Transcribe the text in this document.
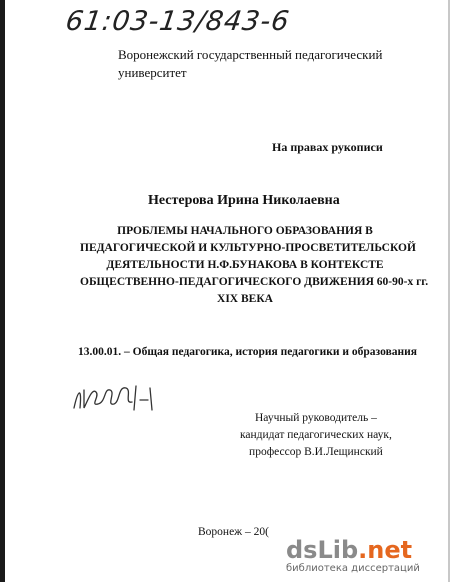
61:03-13/843-6
Воронежский государственный педагогический
университет
На правах рукописи
Нестерова Ирина Николаевна
ПРОБЛЕМЫ НАЧАЛЬНОГО ОБРАЗОВАНИЯ В
ПЕДАГОГИЧЕСКОЙ И КУЛЬТУРНО-ПРОСВЕТИТЕЛЬСКОЙ
ДЕЯТЕЛЬНОСТИ Н.Ф.БУНАКОВА В КОНТЕКСТЕ
ОБЩЕСТВЕННО-ПЕДАГОГИЧЕСКОГО ДВИЖЕНИЯ 60-90-х гг.
XIX ВЕКА
13.00.01. – Общая педагогика, история педагогики и образования
Научный руководитель –
кандидат педагогических наук,
профессор В.И.Лещинский
Воронеж – 20(
dsLib.net
библиотека диссертаций
